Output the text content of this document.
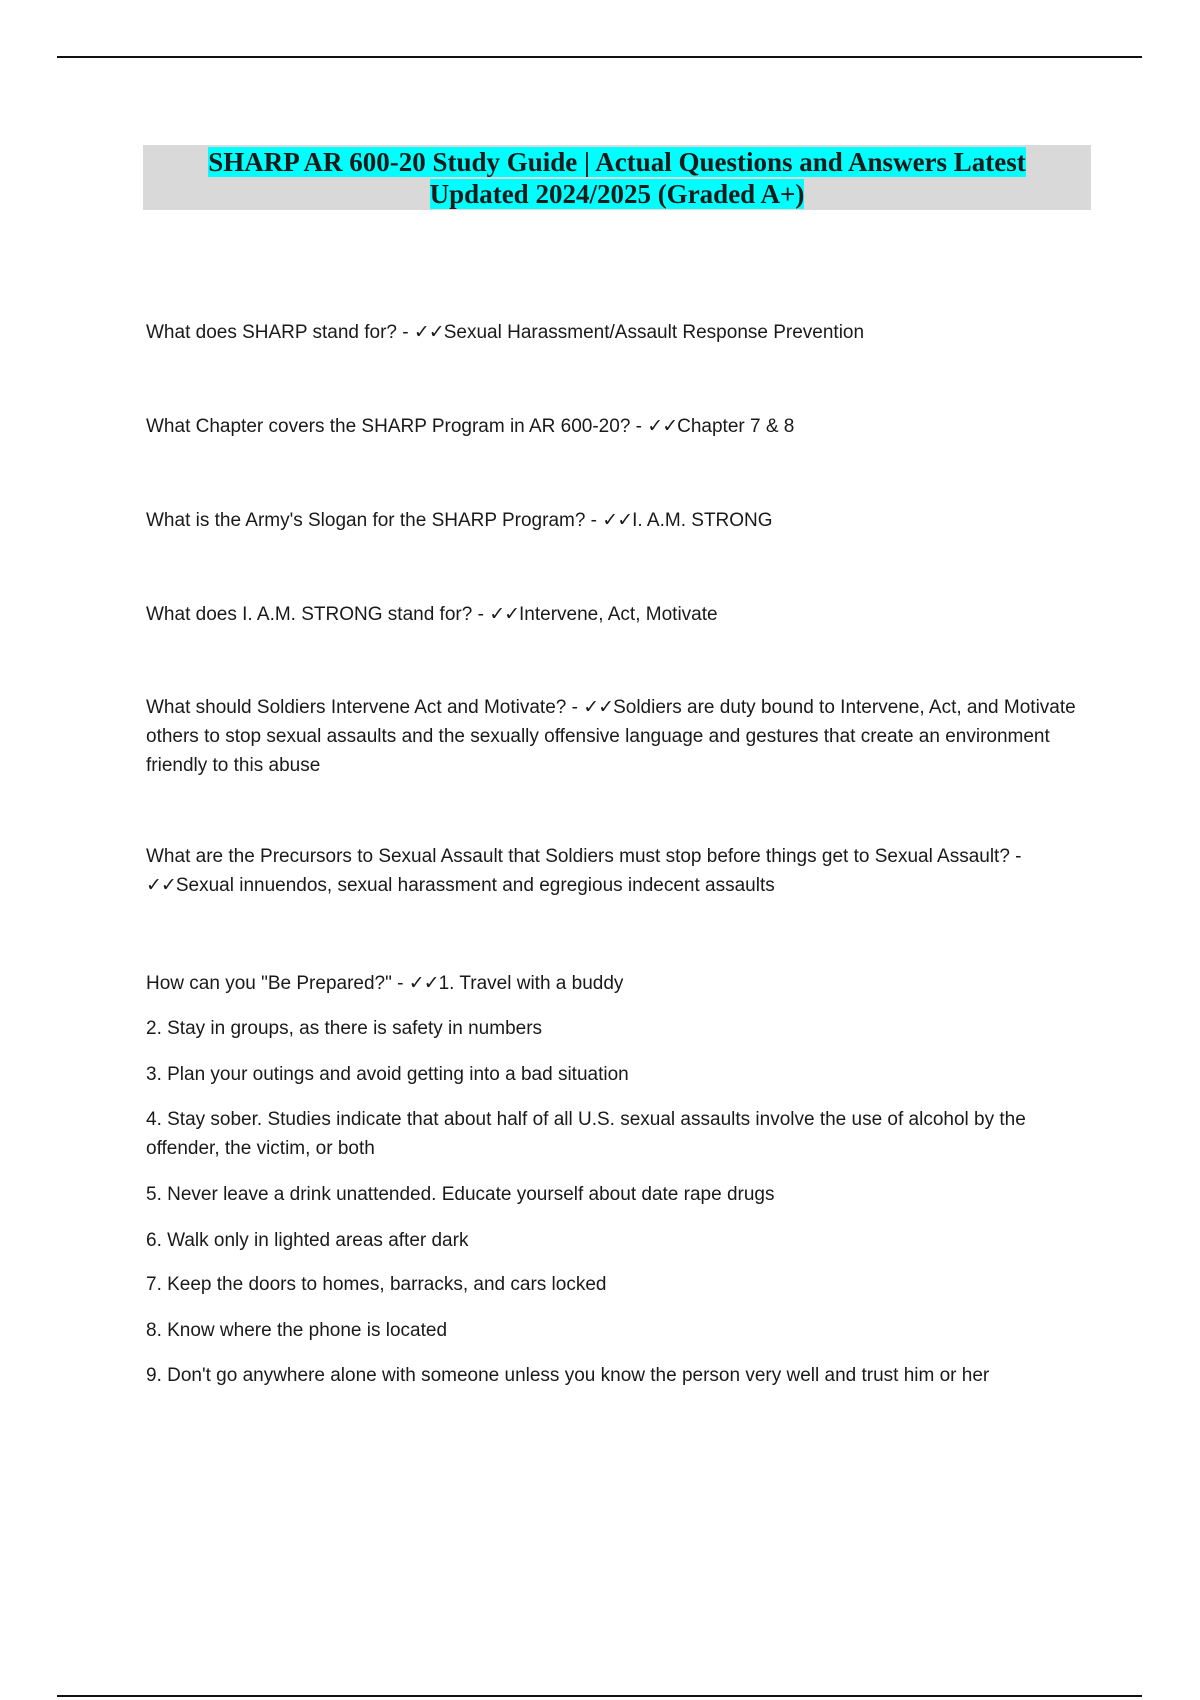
SHARP AR 600-20 Study Guide | Actual Questions and Answers Latest
Updated 2024/2025 (Graded A+)

What does SHARP stand for? - ✓✓Sexual Harassment/Assault Response Prevention

What Chapter covers the SHARP Program in AR 600-20? - ✓✓Chapter 7 & 8

What is the Army's Slogan for the SHARP Program? - ✓✓I. A.M. STRONG

What does I. A.M. STRONG stand for? - ✓✓Intervene, Act, Motivate

What should Soldiers Intervene Act and Motivate? - ✓✓Soldiers are duty bound to Intervene, Act, and Motivate others to stop sexual assaults and the sexually offensive language and gestures that create an environment friendly to this abuse

What are the Precursors to Sexual Assault that Soldiers must stop before things get to Sexual Assault? - ✓✓Sexual innuendos, sexual harassment and egregious indecent assaults

How can you "Be Prepared?" - ✓✓1. Travel with a buddy

2. Stay in groups, as there is safety in numbers

3. Plan your outings and avoid getting into a bad situation

4. Stay sober. Studies indicate that about half of all U.S. sexual assaults involve the use of alcohol by the offender, the victim, or both

5. Never leave a drink unattended. Educate yourself about date rape drugs

6. Walk only in lighted areas after dark

7. Keep the doors to homes, barracks, and cars locked

8. Know where the phone is located

9. Don't go anywhere alone with someone unless you know the person very well and trust him or her
